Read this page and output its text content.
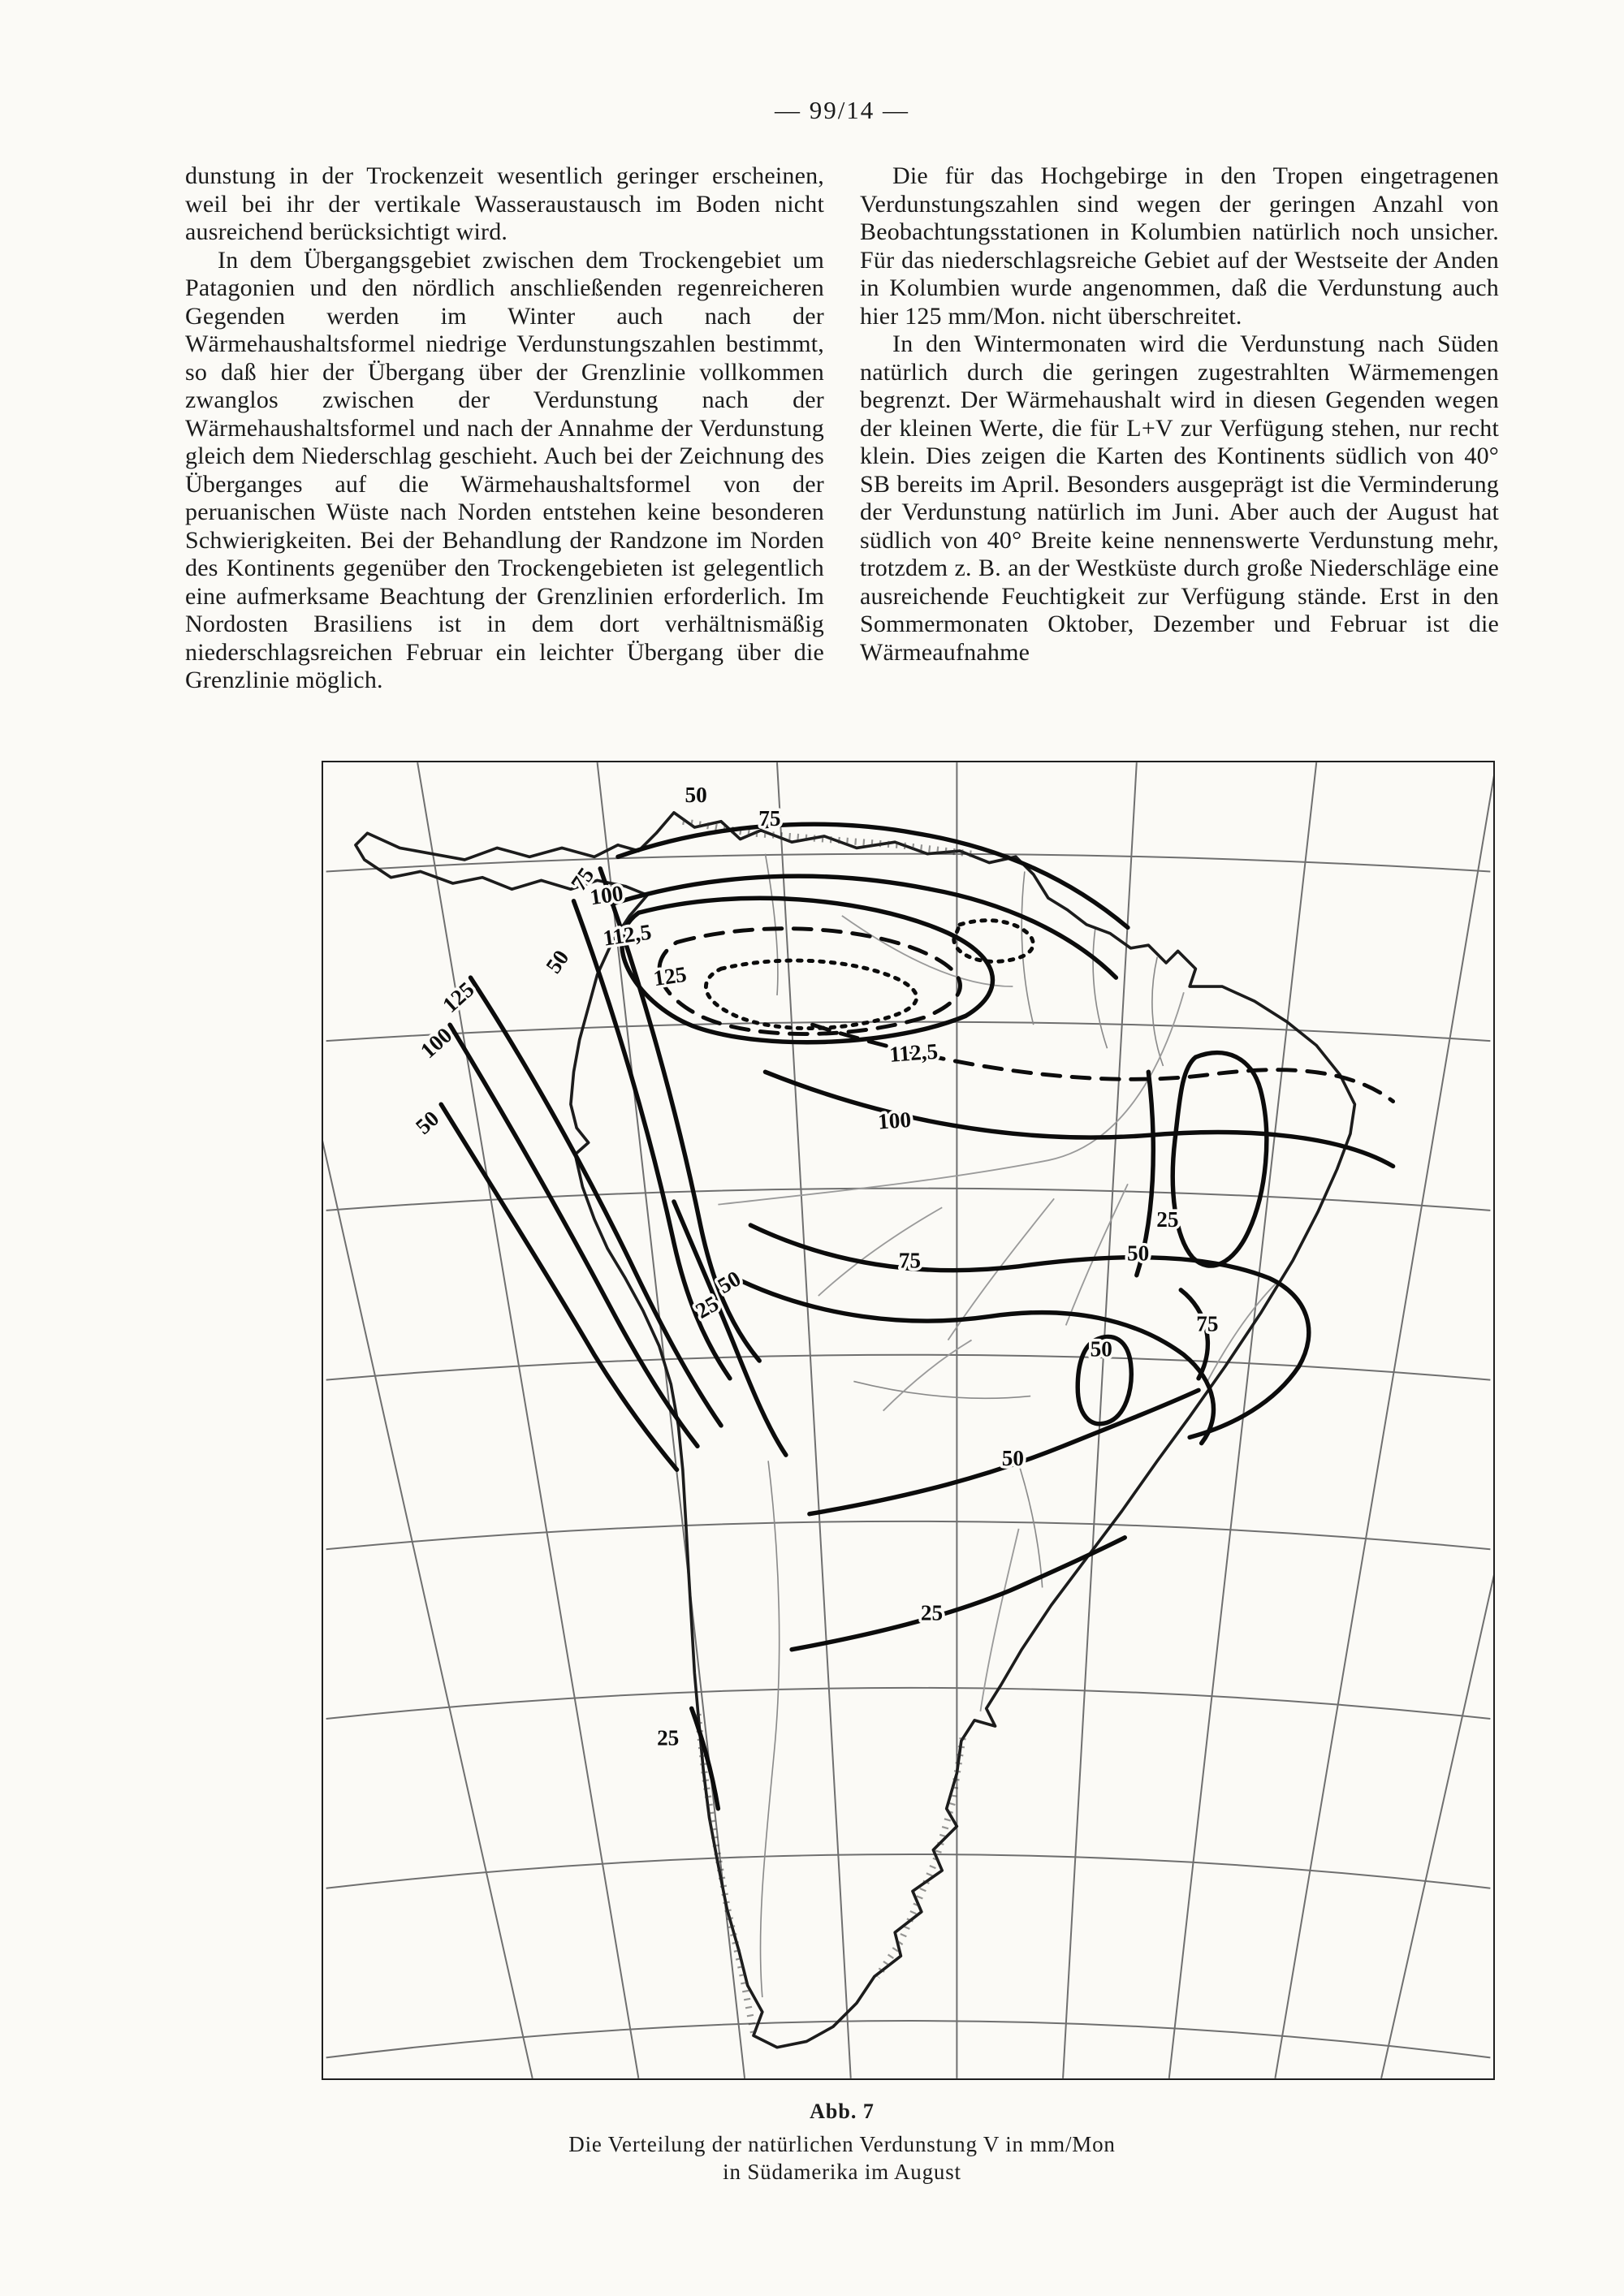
— 99/14 —

dunstung in der Trockenzeit wesentlich geringer erscheinen, weil bei ihr der vertikale Wasseraustausch im Boden nicht ausreichend berücksichtigt wird.

In dem Übergangsgebiet zwischen dem Trockengebiet um Patagonien und den nördlich anschließenden regenreicheren Gegenden werden im Winter auch nach der Wärmehaushaltsformel niedrige Verdunstungszahlen bestimmt, so daß hier der Übergang über der Grenzlinie vollkommen zwanglos zwischen der Verdunstung nach der Wärmehaushaltsformel und nach der Annahme der Verdunstung gleich dem Niederschlag geschieht. Auch bei der Zeichnung des Überganges auf die Wärmehaushaltsformel von der peruanischen Wüste nach Norden entstehen keine besonderen Schwierigkeiten. Bei der Behandlung der Randzone im Norden des Kontinents gegenüber den Trockengebieten ist gelegentlich eine aufmerksame Beachtung der Grenzlinien erforderlich. Im Nordosten Brasiliens ist in dem dort verhältnismäßig niederschlagsreichen Februar ein leichter Übergang über die Grenzlinie möglich.

Die für das Hochgebirge in den Tropen eingetragenen Verdunstungszahlen sind wegen der geringen Anzahl von Beobachtungsstationen in Kolumbien natürlich noch unsicher. Für das niederschlagsreiche Gebiet auf der Westseite der Anden in Kolumbien wurde angenommen, daß die Verdunstung auch hier 125 mm/Mon. nicht überschreitet.

In den Wintermonaten wird die Verdunstung nach Süden natürlich durch die geringen zugestrahlten Wärmemengen begrenzt. Der Wärmehaushalt wird in diesen Gegenden wegen der kleinen Werte, die für L+V zur Verfügung stehen, nur recht klein. Dies zeigen die Karten des Kontinents südlich von 40° SB bereits im April. Besonders ausgeprägt ist die Verminderung der Verdunstung natürlich im Juni. Aber auch der August hat südlich von 40° Breite keine nennenswerte Verdunstung mehr, trotzdem z. B. an der Westküste durch große Niederschläge eine ausreichende Feuchtigkeit zur Verfügung stände. Erst in den Sommermonaten Oktober, Dezember und Februar ist die Wärmeaufnahme

50
75
75
100
112,5
50	125
125
100
50
112,5
100
75
50
25
25
50
75
50
50
25
25
Abb. 7
Die Verteilung der natürlichen Verdunstung V in mm/Mon
in Südamerika im August
